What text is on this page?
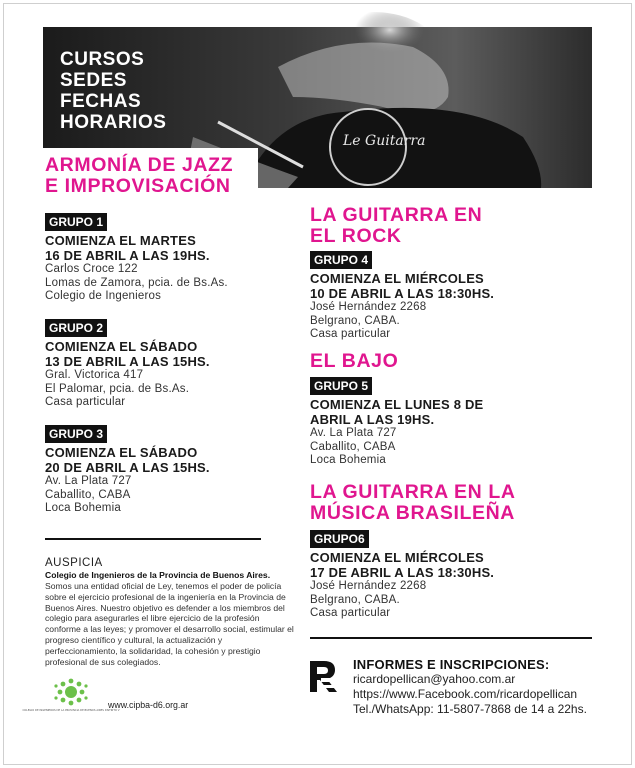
Le Guitarra
CURSOS
SEDES
FECHAS
HORARIOS
ARMONÍA DE JAZZ
E IMPROVISACIÓN
GRUPO 1
COMIENZA EL MARTES
16 DE ABRIL A LAS 19HS.
Carlos Croce 122
Lomas de Zamora, pcia. de Bs.As.
Colegio de Ingenieros
GRUPO 2
COMIENZA EL SÁBADO
13 DE ABRIL A LAS 15HS.
Gral. Victorica 417
El Palomar, pcia. de Bs.As.
Casa particular
GRUPO 3
COMIENZA EL SÁBADO
20 DE ABRIL A LAS 15HS.
Av. La Plata 727
Caballito, CABA
Loca Bohemia
LA GUITARRA EN
EL ROCK
GRUPO 4
COMIENZA EL MIÉRCOLES
10 DE ABRIL A LAS 18:30HS.
José Hernández 2268
Belgrano, CABA.
Casa particular
EL BAJO
GRUPO 5
COMIENZA EL LUNES 8 DE
ABRIL A LAS 19HS.
Av. La Plata 727
Caballito, CABA
Loca Bohemia
LA GUITARRA EN LA
MÚSICA BRASILEÑA
GRUPO6
COMIENZA EL MIÉRCOLES
17 DE ABRIL A LAS 18:30HS.
José Hernández 2268
Belgrano, CABA.
Casa particular
AUSPICIA
Colegio de Ingenieros de la Provincia de Buenos Aires.
Somos una entidad oficial de Ley, tenemos el poder de policía sobre el ejercicio profesional de la ingeniería en la Provincia de Buenos Aires. Nuestro objetivo es defender a los miembros del colegio para asegurarles el libre ejercicio de la profesión conforme a las leyes; y promover el desarrollo social, estimular el progreso científico y cultural, la actualización y perfeccionamiento, la solidaridad, la cohesión y prestigio profesional de sus colegiados.
COLEGIO DE INGENIEROS DE LA PROVINCIA DE BUENOS AIRES DISTRITO V
www.cipba-d6.org.ar
INFORMES E INSCRIPCIONES:
ricardopellican@yahoo.com.ar
https://www.Facebook.com/ricardopellican
Tel./WhatsApp: 11-5807-7868 de 14 a 22hs.
